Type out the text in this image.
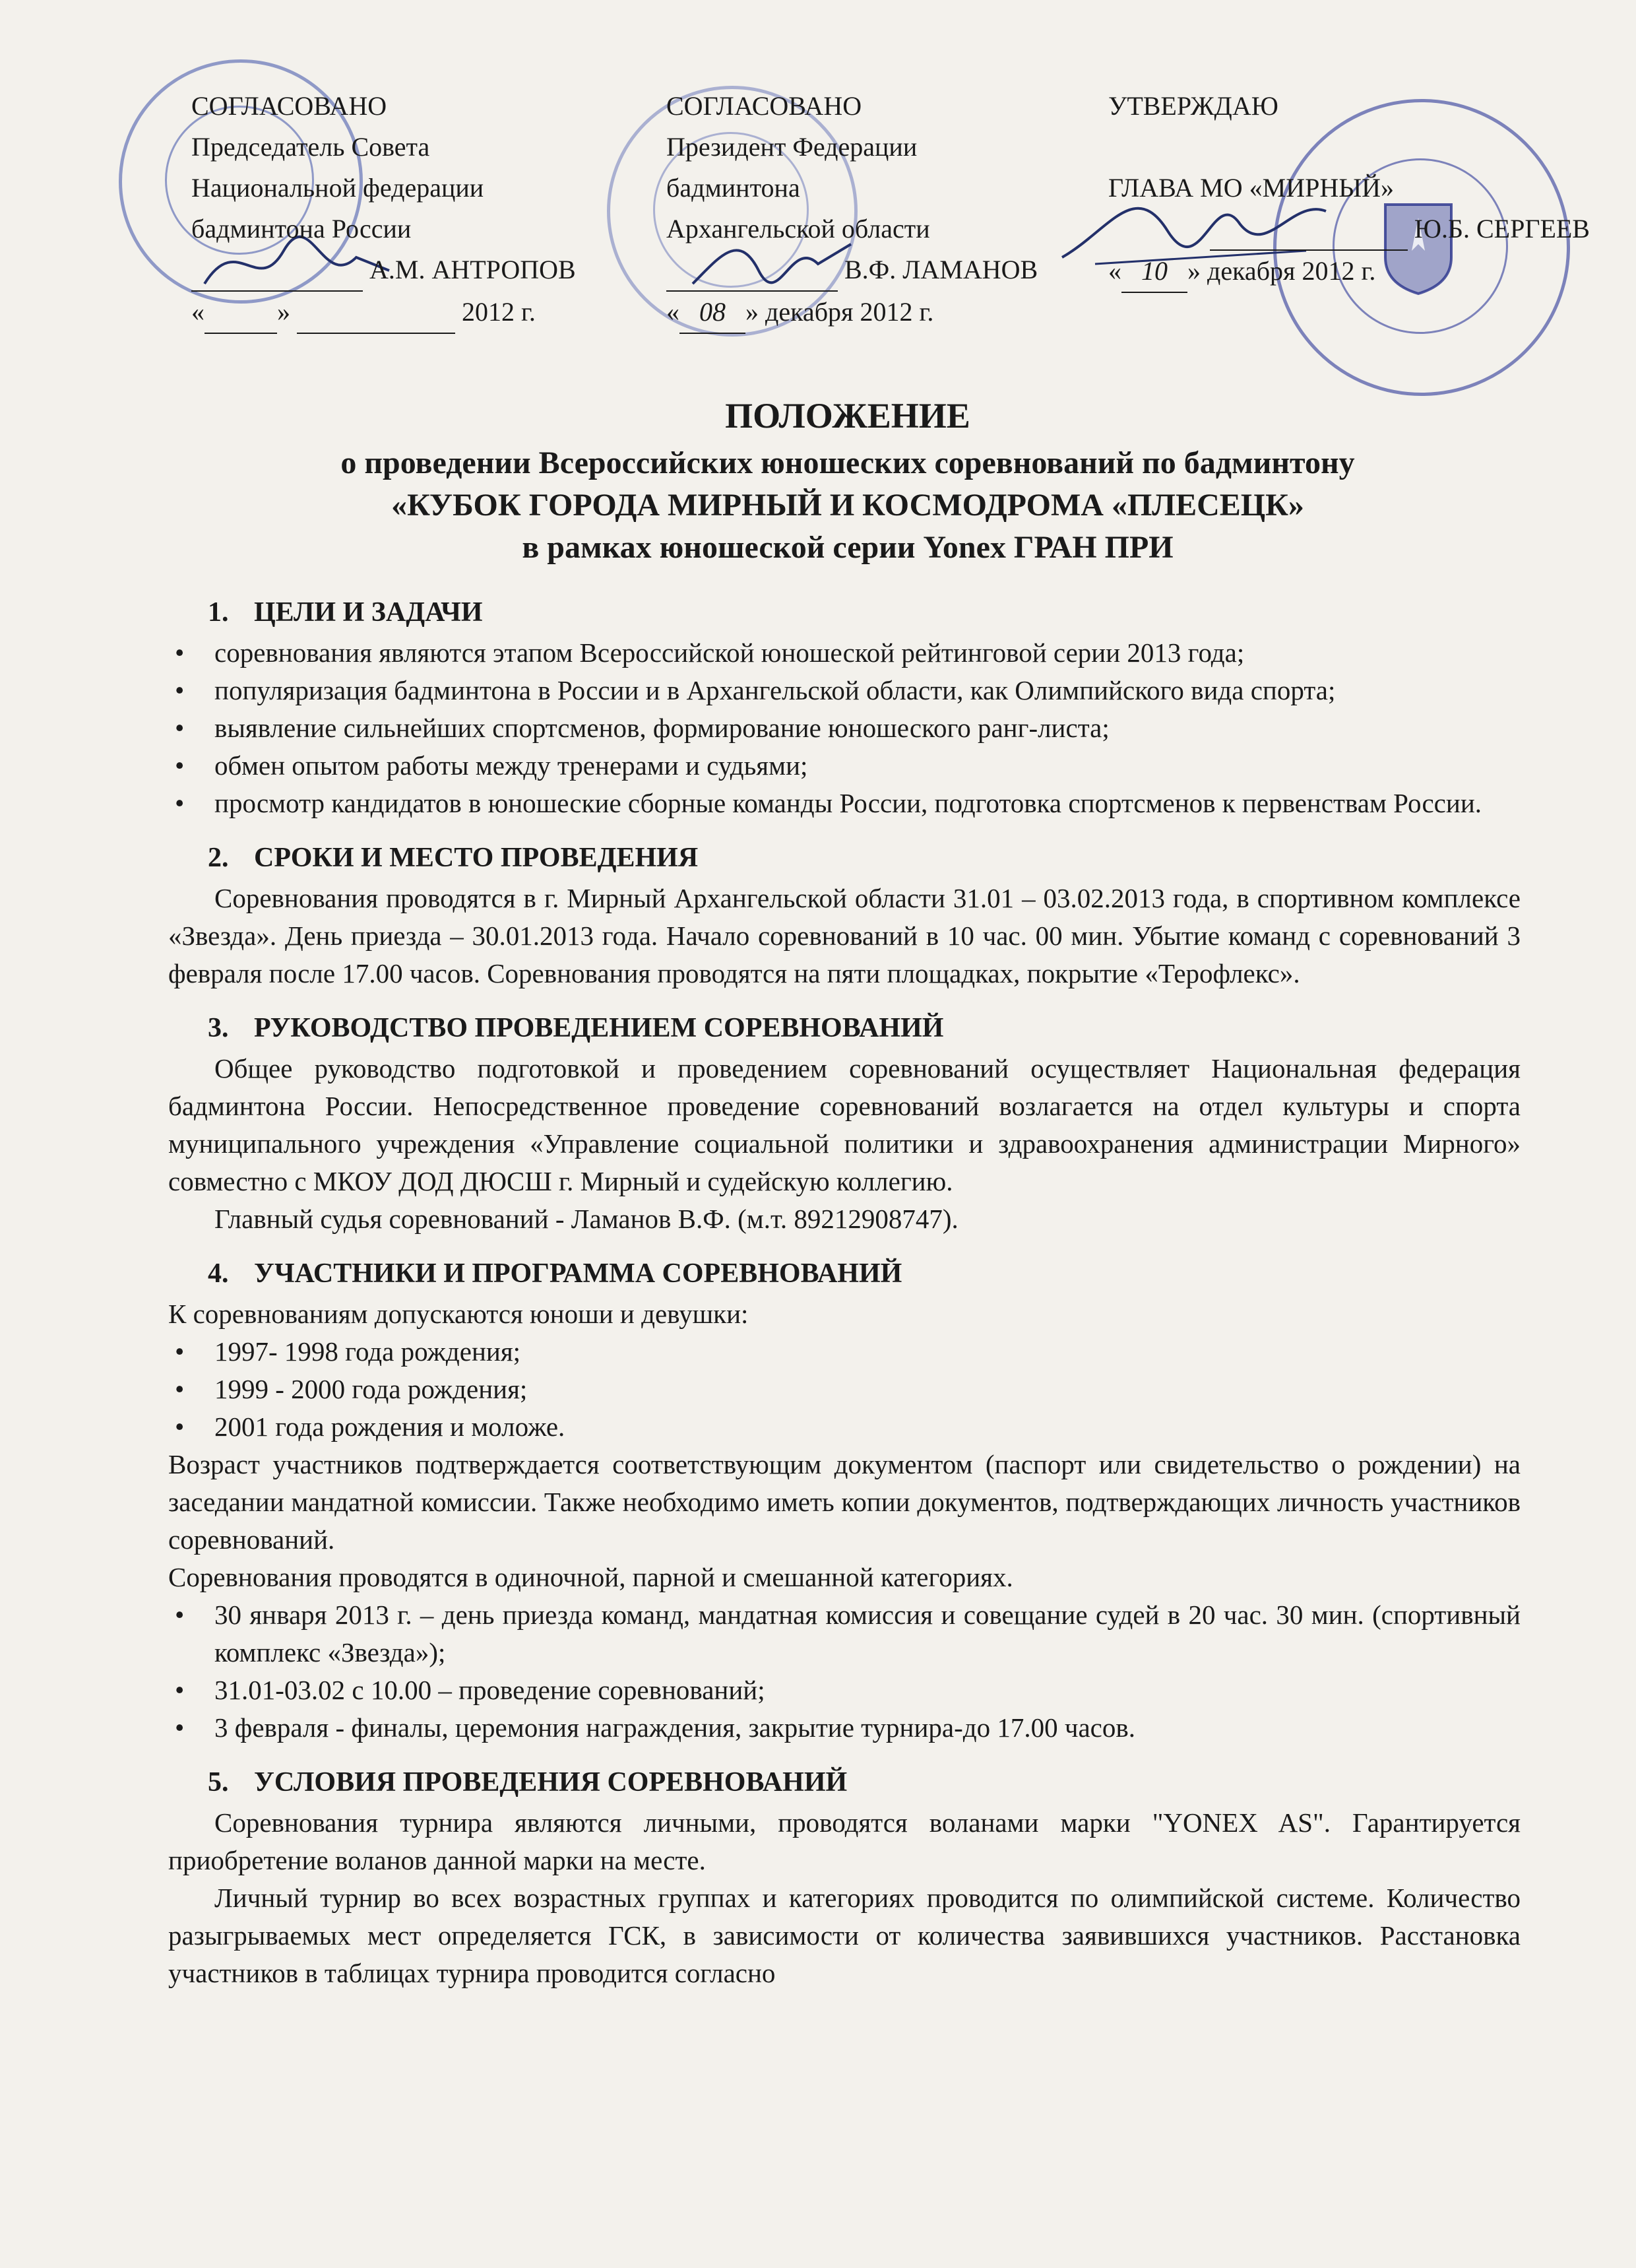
СОГЛАСОВАНО
Председатель Совета
Национальной федерации
бадминтона России
А.М. АНТРОПОВ
«	»	2012 г.
СОГЛАСОВАНО
Президент Федерации
бадминтона
Архангельской области
В.Ф. ЛАМАНОВ
« 08 » декабря 2012 г.
УТВЕРЖДАЮ

ГЛАВА МО «МИРНЫЙ»
Ю.Б. СЕРГЕЕВ
« 10 » декабря 2012 г.
ПОЛОЖЕНИЕ
о проведении Всероссийских юношеских соревнований по бадминтону
«КУБОК ГОРОДА МИРНЫЙ И КОСМОДРОМА «ПЛЕСЕЦК»
в рамках юношеской серии Yonex ГРАН ПРИ
1. ЦЕЛИ И ЗАДАЧИ
• соревнования являются этапом Всероссийской юношеской рейтинговой серии 2013 года;
• популяризация бадминтона в России и в Архангельской области, как Олимпийского вида спорта;
• выявление сильнейших спортсменов, формирование юношеского ранг-листа;
• обмен опытом работы между тренерами и судьями;
• просмотр кандидатов в юношеские сборные команды России, подготовка спортсменов к первенствам России.
2. СРОКИ И МЕСТО ПРОВЕДЕНИЯ
Соревнования проводятся в г. Мирный Архангельской области 31.01 – 03.02.2013 года, в спортивном комплексе «Звезда». День приезда – 30.01.2013 года. Начало соревнований в 10 час. 00 мин. Убытие команд с соревнований 3 февраля после 17.00 часов. Соревнования проводятся на пяти площадках, покрытие «Терофлекс».
3. РУКОВОДСТВО ПРОВЕДЕНИЕМ СОРЕВНОВАНИЙ
Общее руководство подготовкой и проведением соревнований осуществляет Национальная федерация бадминтона России. Непосредственное проведение соревнований возлагается на отдел культуры и спорта муниципального учреждения «Управление социальной политики и здравоохранения администрации Мирного» совместно с МКОУ ДОД ДЮСШ г. Мирный и судейскую коллегию.
Главный судья соревнований - Ламанов В.Ф. (м.т. 89212908747).
4. УЧАСТНИКИ И ПРОГРАММА СОРЕВНОВАНИЙ
К соревнованиям допускаются юноши и девушки:
• 1997- 1998 года рождения;
• 1999 - 2000 года рождения;
• 2001 года рождения и моложе.
Возраст участников подтверждается соответствующим документом (паспорт или свидетельство о рождении) на заседании мандатной комиссии. Также необходимо иметь копии документов, подтверждающих личность участников соревнований.
Соревнования проводятся в одиночной, парной и смешанной категориях.
• 30 января 2013 г. – день приезда команд, мандатная комиссия и совещание судей в 20 час. 30 мин. (спортивный комплекс «Звезда»);
• 31.01-03.02 с 10.00 – проведение соревнований;
• 3 февраля - финалы, церемония награждения, закрытие турнира-до 17.00 часов.
5. УСЛОВИЯ ПРОВЕДЕНИЯ СОРЕВНОВАНИЙ
Соревнования турнира являются личными, проводятся воланами марки "YONEX AS". Гарантируется приобретение воланов данной марки на месте.
Личный турнир во всех возрастных группах и категориях проводится по олимпийской системе. Количество разыгрываемых мест определяется ГСК, в зависимости от количества заявившихся участников. Расстановка участников в таблицах турнира проводится согласно
